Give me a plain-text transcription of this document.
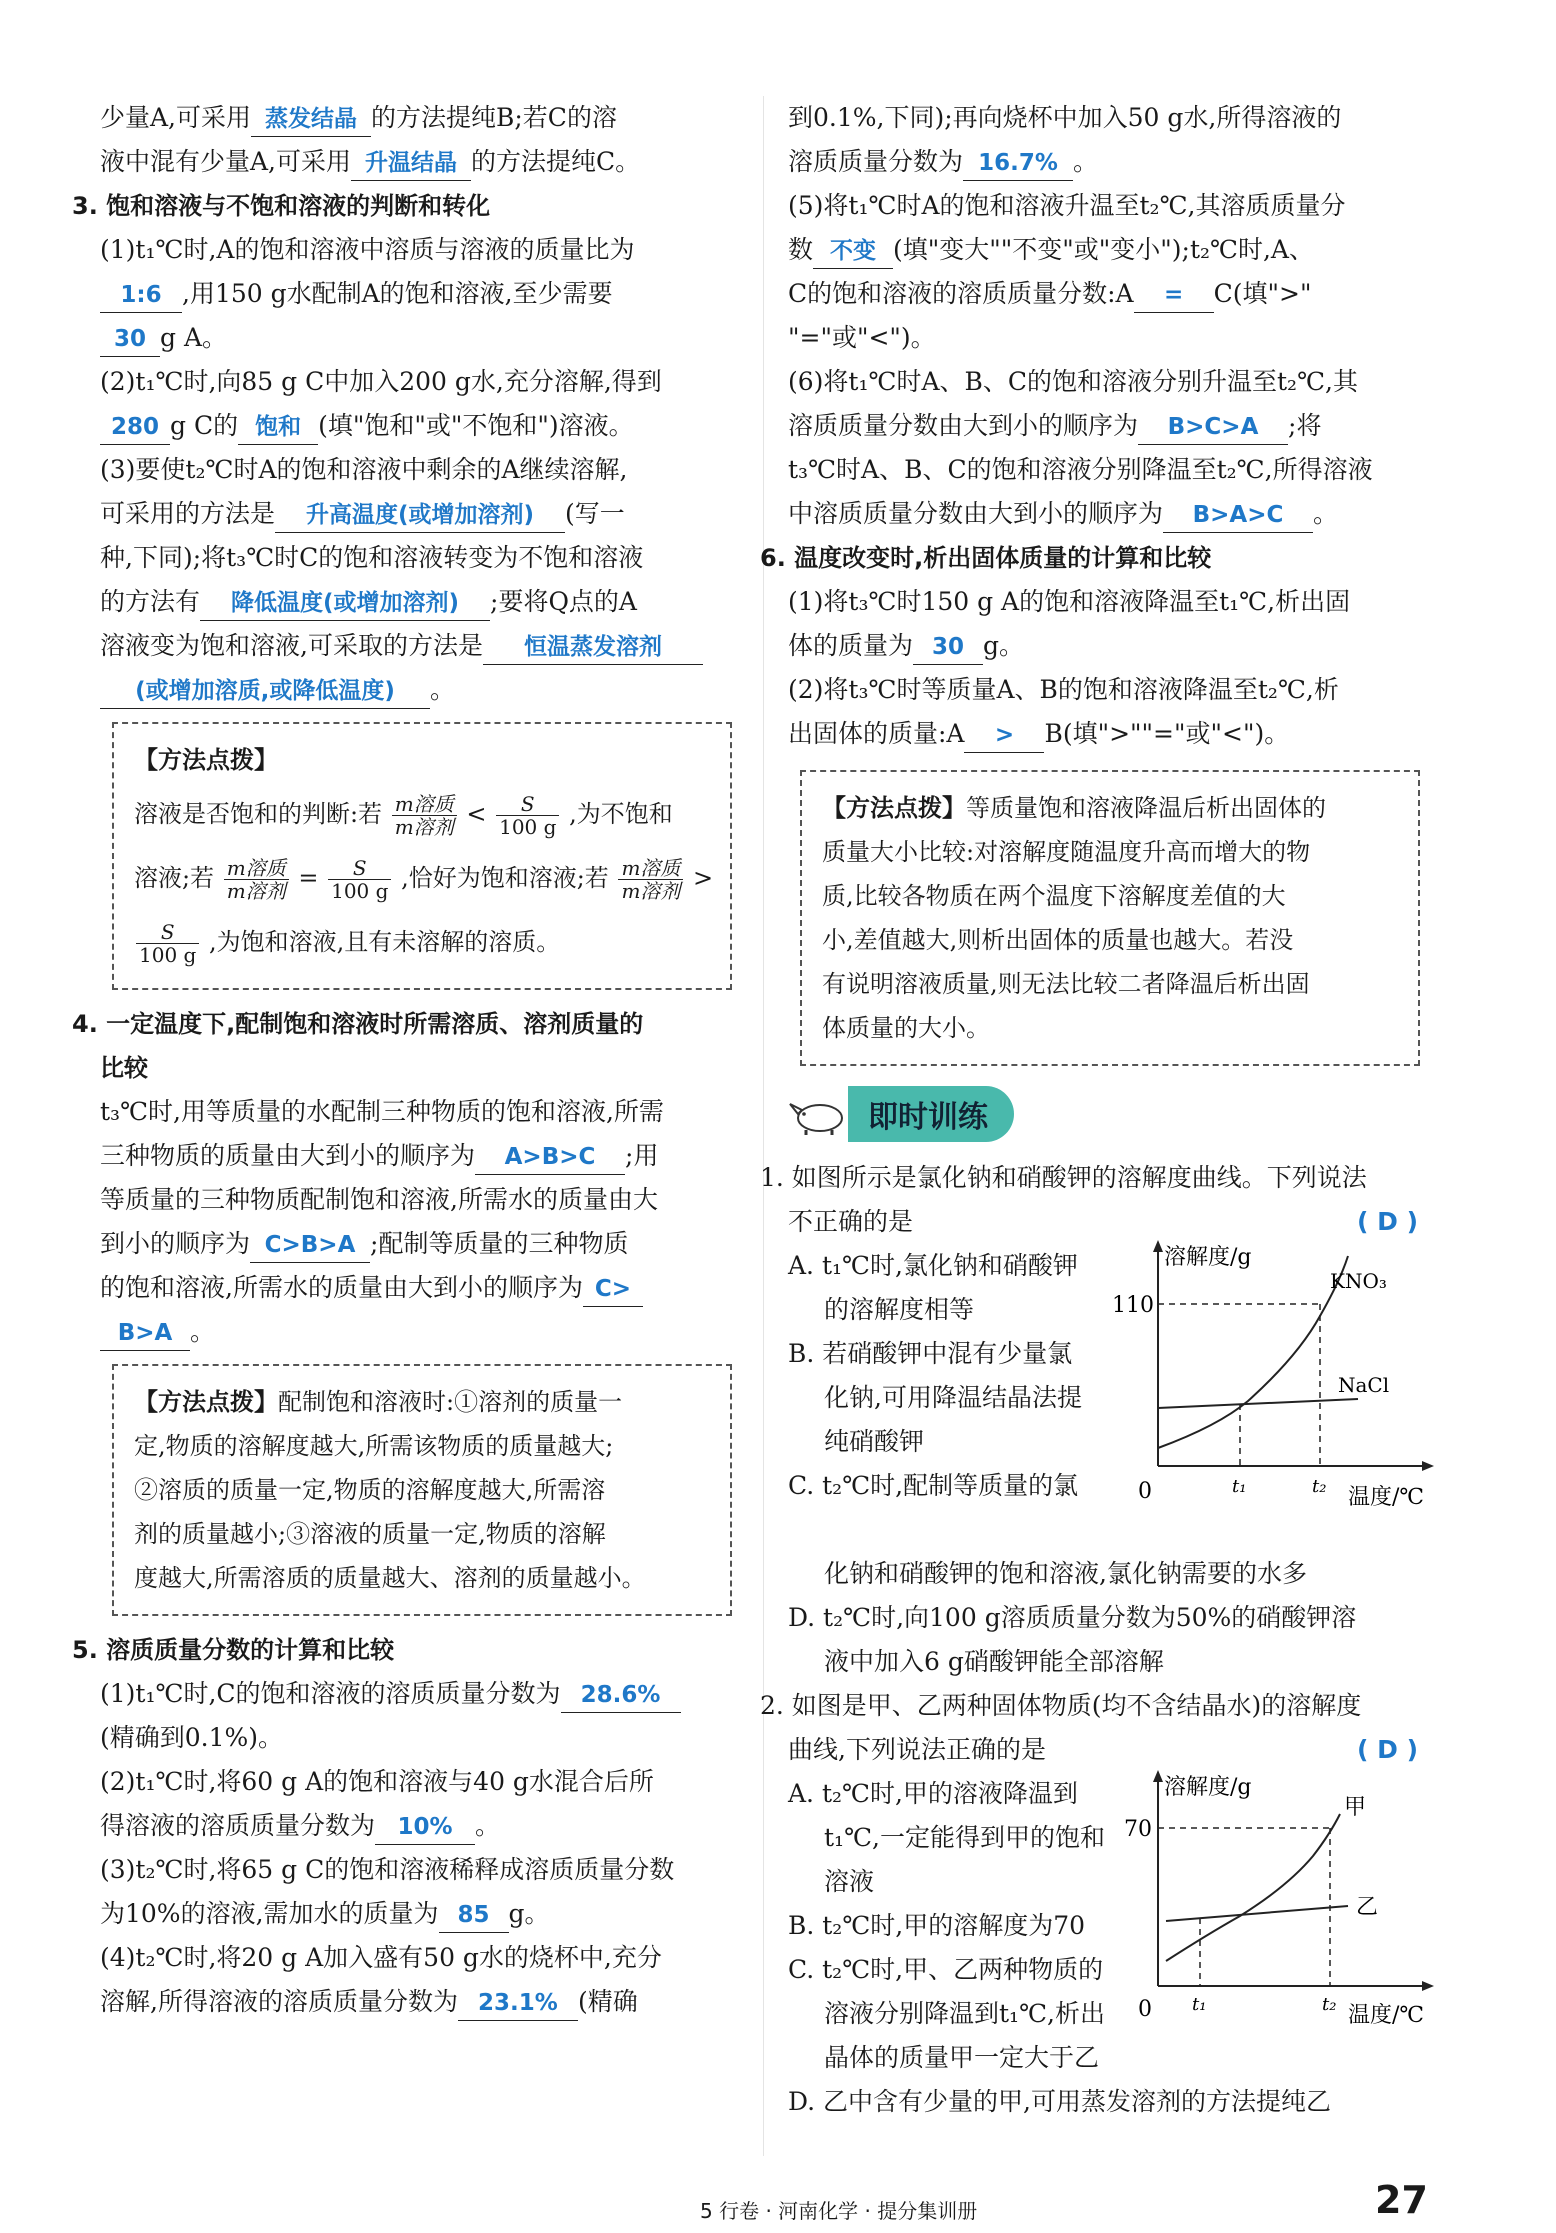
少量A,可采用 蒸发结晶 的方法提纯B;若C的溶
液中混有少量A,可采用 升温结晶 的方法提纯C。
3. 饱和溶液与不饱和溶液的判断和转化
(1)t₁℃时,A的饱和溶液中溶质与溶液的质量比为
1:6 ,用150 g水配制A的饱和溶液,至少需要
30 g A。
(2)t₁℃时,向85 g C中加入200 g水,充分溶解,得到
280 g C的 饱和 (填"饱和"或"不饱和")溶液。
(3)要使t₂℃时A的饱和溶液中剩余的A继续溶解,
可采用的方法是 升高温度(或增加溶剂) (写一
种,下同);将t₃℃时C的饱和溶液转变为不饱和溶液
的方法有 降低温度(或增加溶剂) ;要将Q点的A
溶液变为饱和溶液,可采取的方法是 恒温蒸发溶剂
(或增加溶质,或降低温度) 。
【方法点拨】
溶液是否饱和的判断:若 $\frac{\text{m溶质}}{\text{m溶剂}} < \frac{S}{100 g}$ ,为不饱和
溶液;若 $\frac{\text{m溶质}}{\text{m溶剂}} = \frac{S}{100 g}$ ,恰好为饱和溶液;若 $\frac{\text{m溶质}}{\text{m溶剂}}$ >
$\frac{S}{100 g}$ ,为饱和溶液,且有未溶解的溶质。
4. 一定温度下,配制饱和溶液时所需溶质、溶剂质量的
比较
t₃℃时,用等质量的水配制三种物质的饱和溶液,所需
三种物质的质量由大到小的顺序为 A>B>C ;用
等质量的三种物质配制饱和溶液,所需水的质量由大
到小的顺序为 C>B>A ;配制等质量的三种物质
的饱和溶液,所需水的质量由大到小的顺序为 C>
B>A 。
【方法点拨】配制饱和溶液时:①溶剂的质量一
定,物质的溶解度越大,所需该物质的质量越大;
②溶质的质量一定,物质的溶解度越大,所需溶
剂的质量越小;③溶液的质量一定,物质的溶解
度越大,所需溶质的质量越大、溶剂的质量越小。
5. 溶质质量分数的计算和比较
(1)t₁℃时,C的饱和溶液的溶质质量分数为 28.6%
(精确到0.1%)。
(2)t₁℃时,将60 g A的饱和溶液与40 g水混合后所
得溶液的溶质质量分数为 10% 。
(3)t₂℃时,将65 g C的饱和溶液稀释成溶质质量分数
为10%的溶液,需加水的质量为 85 g。
(4)t₂℃时,将20 g A加入盛有50 g水的烧杯中,充分
溶解,所得溶液的溶质质量分数为 23.1% (精确
到0.1%,下同);再向烧杯中加入50 g水,所得溶液的
溶质质量分数为 16.7% 。
(5)将t₁℃时A的饱和溶液升温至t₂℃,其溶质质量分
数 不变 (填"变大""不变"或"变小");t₂℃时,A、
C的饱和溶液的溶质质量分数:A = C(填">"
"="或"<")。
(6)将t₁℃时A、B、C的饱和溶液分别升温至t₂℃,其
溶质质量分数由大到小的顺序为 B>C>A ;将
t₃℃时A、B、C的饱和溶液分别降温至t₂℃,所得溶液
中溶质质量分数由大到小的顺序为 B>A>C 。
6. 温度改变时,析出固体质量的计算和比较
(1)将t₃℃时150 g A的饱和溶液降温至t₁℃,析出固
体的质量为 30 g。
(2)将t₃℃时等质量A、B的饱和溶液降温至t₂℃,析
出固体的质量:A > B(填">""="或"<")。
【方法点拨】等质量饱和溶液降温后析出固体的
质量大小比较:对溶解度随温度升高而增大的物
质,比较各物质在两个温度下溶解度差值的大
小,差值越大,则析出固体的质量也越大。若没
有说明溶液质量,则无法比较二者降温后析出固
体质量的大小。
即时训练
1. 如图所示是氯化钠和硝酸钾的溶解度曲线。下列说法
不正确的是	( D )
A. t₁℃时,氯化钠和硝酸钾
的溶解度相等
B. 若硝酸钾中混有少量氯
化钠,可用降温结晶法提
纯硝酸钾
C. t₂℃时,配制等质量的氯
溶解度/g
110
KNO₃
NaCl
0	t₁	t₂ 温度/℃
化钠和硝酸钾的饱和溶液,氯化钠需要的水多
D. t₂℃时,向100 g溶质质量分数为50%的硝酸钾溶
液中加入6 g硝酸钾能全部溶解
2. 如图是甲、乙两种固体物质(均不含结晶水)的溶解度
曲线,下列说法正确的是	( D )
A. t₂℃时,甲的溶液降温到
t₁℃,一定能得到甲的饱和
溶液
B. t₂℃时,甲的溶解度为70
C. t₂℃时,甲、乙两种物质的
溶液分别降温到t₁℃,析出
溶解度/g
70
甲
乙
0 t₁	t₂ 温度/℃
晶体的质量甲一定大于乙
D. 乙中含有少量的甲,可用蒸发溶剂的方法提纯乙
5 行卷 · 河南化学 · 提分集训册	27
